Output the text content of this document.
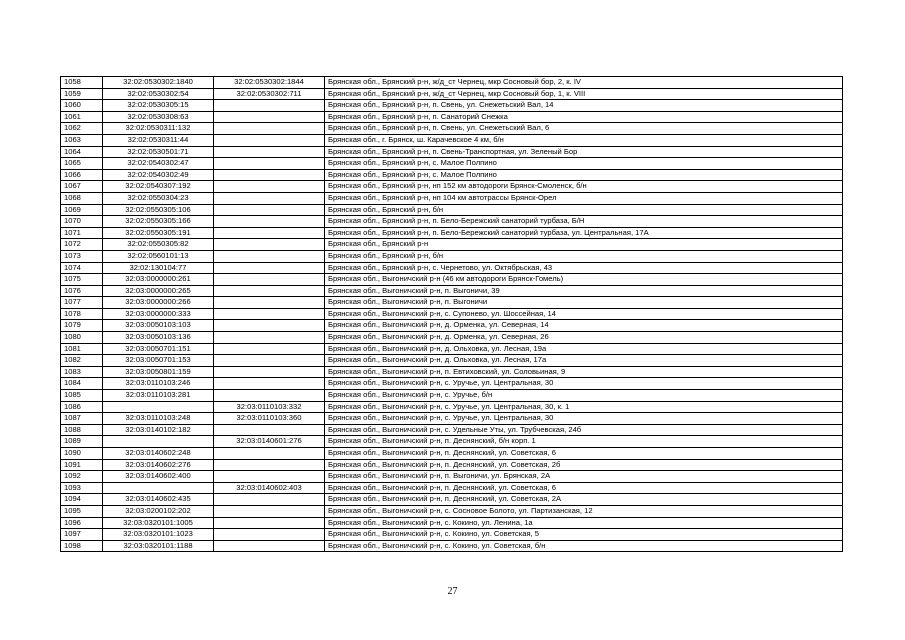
1058	32:02:0530302:1840	32:02:0530302:1844	Брянская обл., Брянский р-н, ж/д_ст Чернец, мкр Сосновый бор, 2, к. IV
1059	32:02:0530302:54	32:02:0530302:711	Брянская обл., Брянский р-н, ж/д_ст Чернец, мкр Сосновый бор, 1, к. VIII
1060	32:02:0530305:15		Брянская обл., Брянский р-н, п. Свень, ул. Снежетьский Вал, 14
1061	32:02:0530308:63		Брянская обл., Брянский р-н, п. Санаторий Снежка
1062	32:02:0530311:132		Брянская обл., Брянский р-н, п. Свень, ул. Снежетьский Вал, 6
1063	32:02:0530311:44		Брянская обл., г. Брянск, ш. Карачевское 4 км, б/н
1064	32:02:0530501:71		Брянская обл., Брянский р-н, п. Свень-Транспортная, ул. Зеленый Бор
1065	32:02:0540302:47		Брянская обл., Брянский р-н, с. Малое Полпино
1066	32:02:0540302:49		Брянская обл., Брянский р-н, с. Малое Полпино
1067	32:02:0540307:192		Брянская обл., Брянский р-н, нп 152 км автодороги Брянск-Смоленск, б/н
1068	32:02:0550304:23		Брянская обл., Брянский р-н, нп 104 км автотрассы Брянск-Орел
1069	32:02:0550305:106		Брянская обл., Брянский р-н, б/н
1070	32:02:0550305:166		Брянская обл., Брянский р-н, п. Бело-Бережский санаторий турбаза, Б/Н
1071	32:02:0550305:191		Брянская обл., Брянский р-н, п. Бело-Бережский санаторий турбаза, ул. Центральная, 17А
1072	32:02:0550305:82		Брянская обл., Брянский р-н
1073	32:02:0560101:13		Брянская обл., Брянский р-н, б/н
1074	32:02:130104:77		Брянская обл., Брянский р-н, с. Чернетово, ул. Октябрьская, 43
1075	32:03:0000000:261		Брянская обл., Выгоничский р-н (46 км автодороги Брянск-Гомель)
1076	32:03:0000000:265		Брянская обл., Выгоничский р-н, п. Выгоничи, 39
1077	32:03:0000000:266		Брянская обл., Выгоничский р-н, п. Выгоничи
1078	32:03:0000000:333		Брянская обл., Выгоничский р-н, с. Супонево, ул. Шоссейная, 14
1079	32:03:0050103:103		Брянская обл., Выгоничский р-н, д. Орменка, ул. Северная, 14
1080	32:03:0050103:136		Брянская обл., Выгоничский р-н, д. Орменка, ул. Северная, 26
1081	32:03:0050701:151		Брянская обл., Выгоничский р-н, д. Ольховка, ул. Лесная, 19а
1082	32:03:0050701:153		Брянская обл., Выгоничский р-н, д. Ольховка, ул. Лесная, 17а
1083	32:03:0050801:159		Брянская обл., Выгоничский р-н, п. Евтиховский, ул. Соловьиная, 9
1084	32:03:0110103:246		Брянская обл., Выгоничский р-н, с. Уручье, ул. Центральная, 30
1085	32:03:0110103:281		Брянская обл., Выгоничский р-н, с. Уручье, б/н
1086		32:03:0110103:332	Брянская обл., Выгоничский р-н, с. Уручье, ул. Центральная, 30, к. 1
1087	32:03:0110103:248	32:03:0110103:360	Брянская обл., Выгоничский р-н, с. Уручье, ул. Центральная, 30
1088	32:03:0140102:182		Брянская обл., Выгоничский р-н, с. Удельные Уты, ул. Трубчевская, 24б
1089		32:03:0140601:276	Брянская обл., Выгоничский р-н, п. Деснянский, б/н корп. 1
1090	32:03:0140602:248		Брянская обл., Выгоничский р-н, п. Деснянский, ул. Советская, 6
1091	32:03:0140602:276		Брянская обл., Выгоничский р-н, п. Деснянский, ул. Советская, 2б
1092	32:03:0140602:400		Брянская обл., Выгоничский р-н, п. Выгоничи, ул. Брянская, 2А
1093		32:03:0140602:403	Брянская обл., Выгоничский р-н, п. Деснянский, ул. Советская, 6
1094	32:03:0140602:435		Брянская обл., Выгоничский р-н, п. Деснянский, ул. Советская, 2А
1095	32:03:0200102:202		Брянская обл., Выгоничский р-н, с. Сосновое Болото, ул. Партизанская, 12
1096	32:03:0320101:1005		Брянская обл., Выгоничский р-н, с. Кокино, ул. Ленина, 1а
1097	32:03:0320101:1023		Брянская обл., Выгоничский р-н, с. Кокино, ул. Советская, 5
1098	32:03:0320101:1188		Брянская обл., Выгоничский р-н, с. Кокино, ул. Советская, б/н
27
